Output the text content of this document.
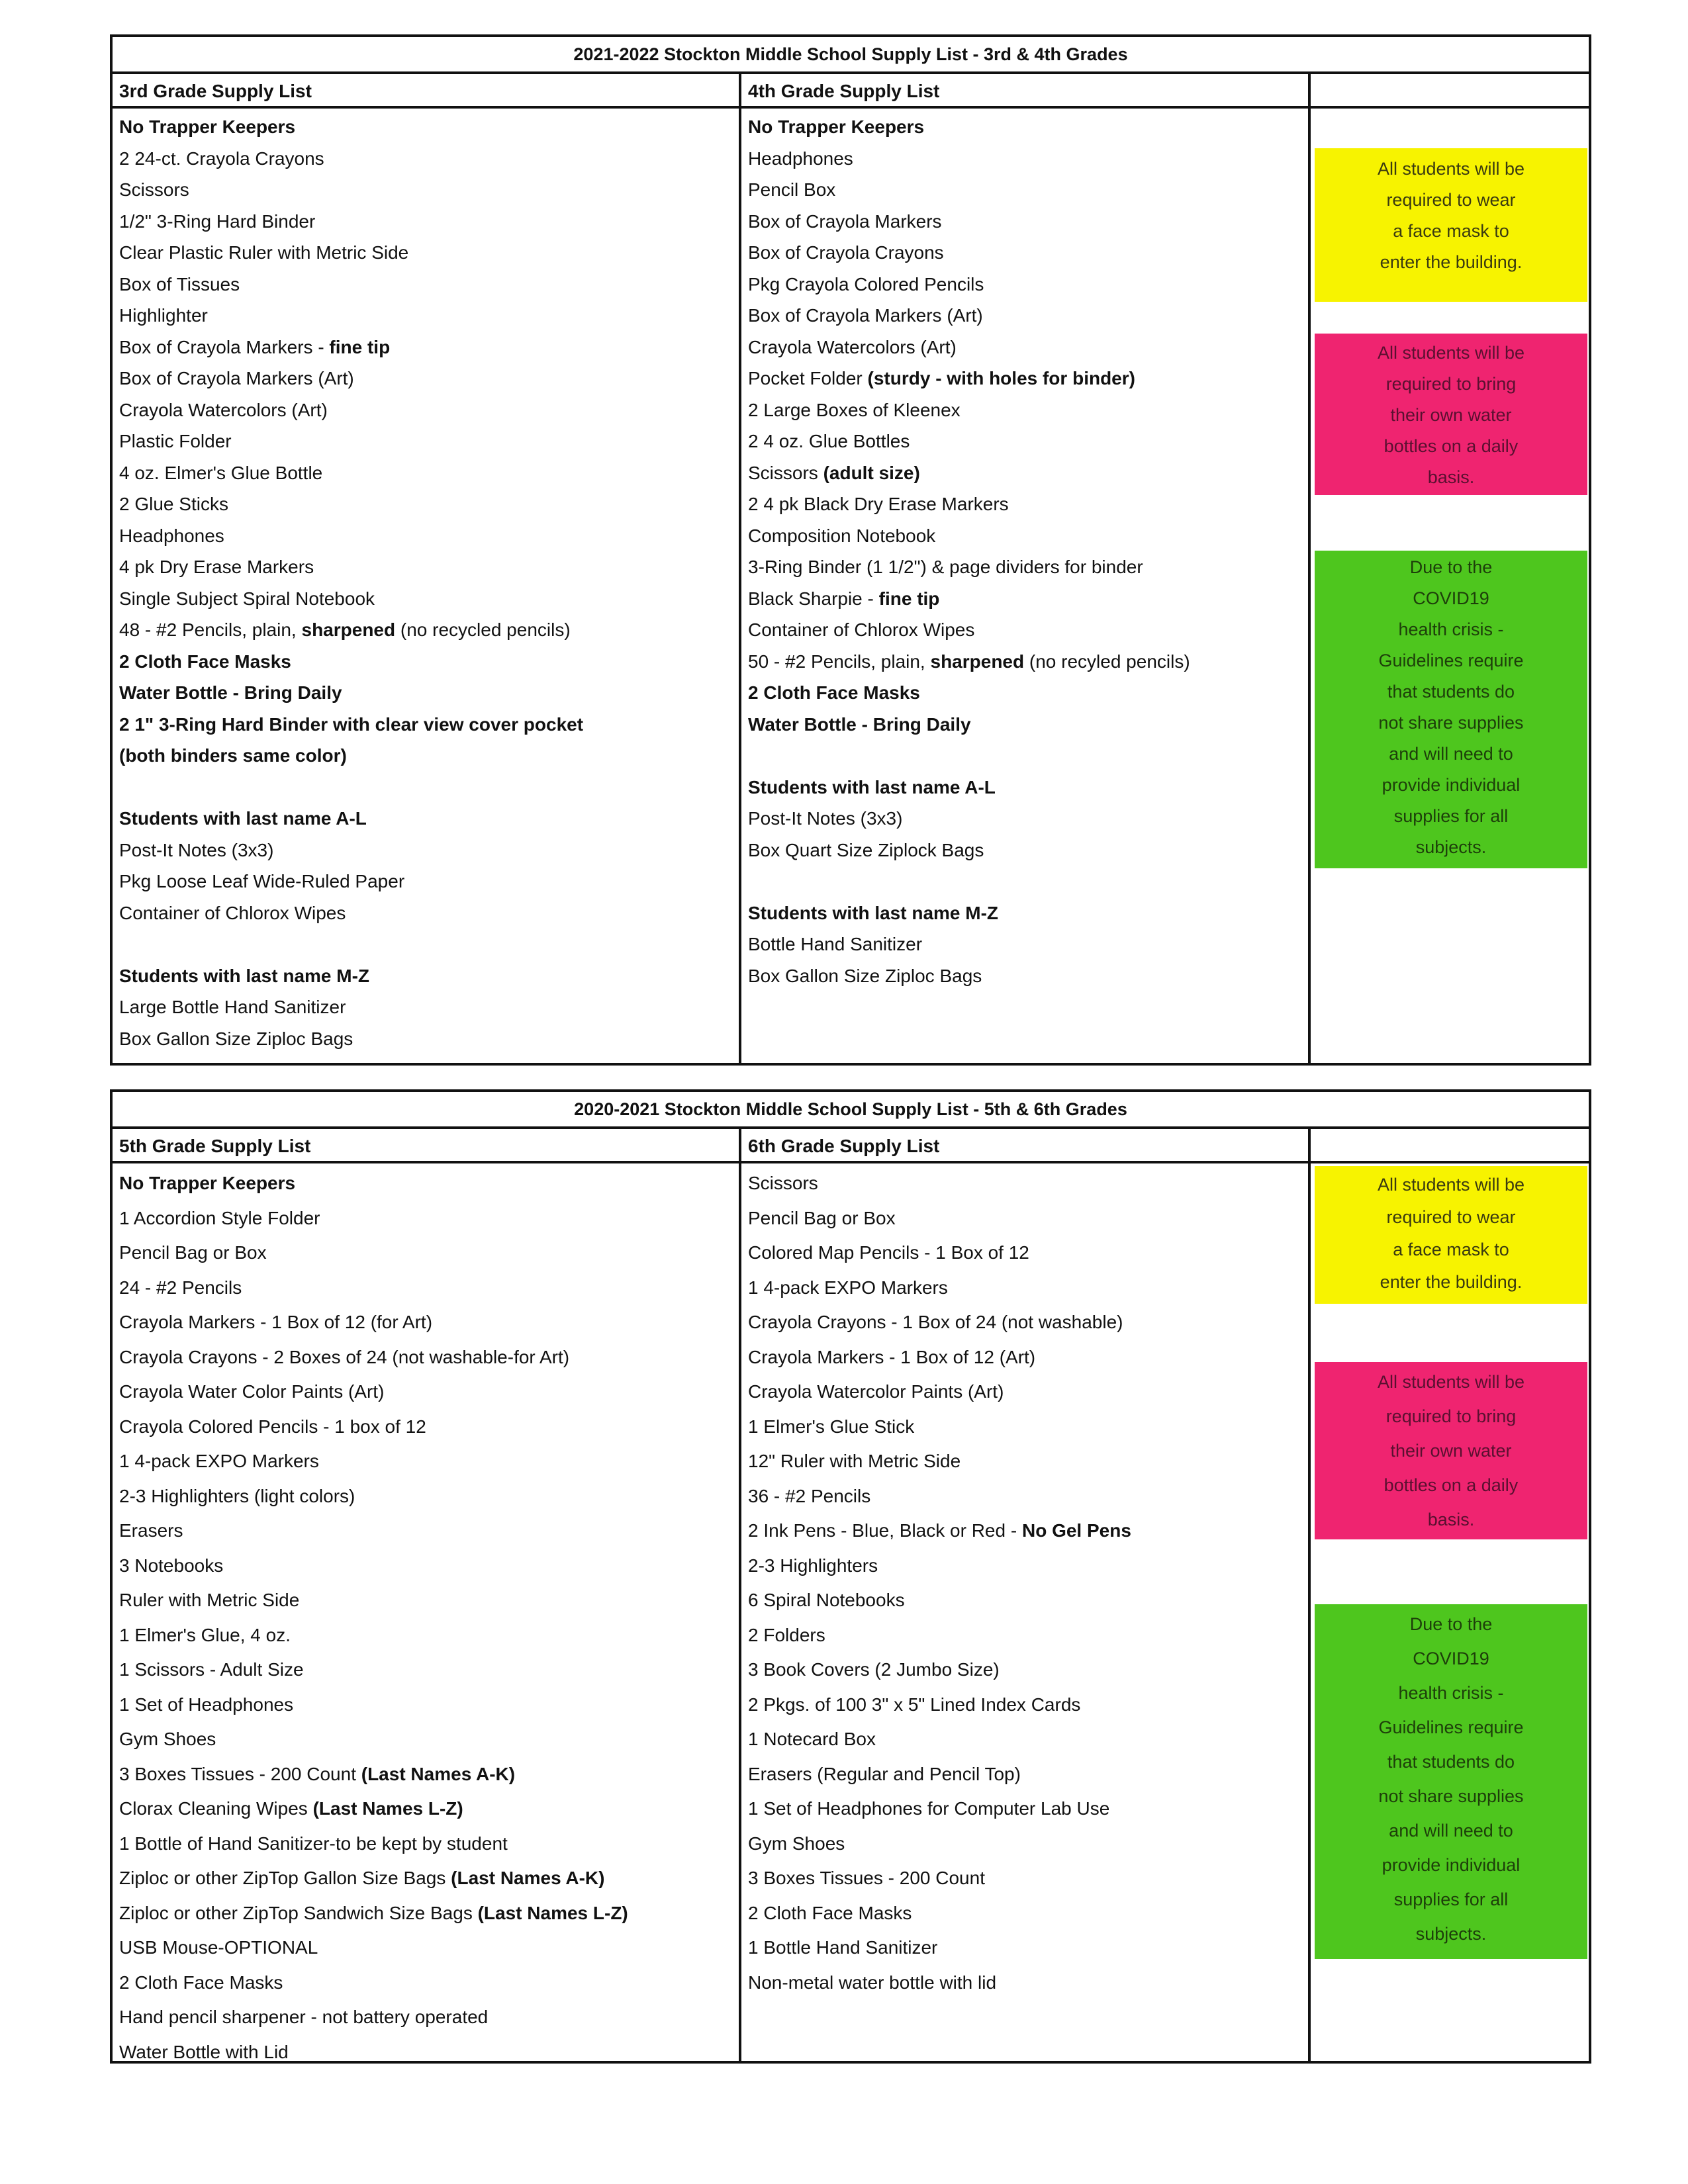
2021-2022 Stockton Middle School Supply List - 3rd & 4th Grades
3rd Grade Supply List
No Trapper Keepers
2 24-ct. Crayola Crayons
Scissors
1/2" 3-Ring Hard Binder
Clear Plastic Ruler with Metric Side
Box of Tissues
Highlighter
Box of Crayola Markers - fine tip
Box of Crayola Markers (Art)
Crayola Watercolors (Art)
Plastic Folder
4 oz. Elmer's Glue Bottle
2 Glue Sticks
Headphones
4 pk Dry Erase Markers
Single Subject Spiral Notebook
48 - #2 Pencils, plain, sharpened (no recycled pencils)
2 Cloth Face Masks
Water Bottle - Bring Daily
2 1" 3-Ring Hard Binder with clear view cover pocket
(both binders same color)
Students with last name A-L
Post-It Notes (3x3)
Pkg Loose Leaf Wide-Ruled Paper
Container of Chlorox Wipes
Students with last name M-Z
Large Bottle Hand Sanitizer
Box Gallon Size Ziploc Bags
4th Grade Supply List
No Trapper Keepers
Headphones
Pencil Box
Box of Crayola Markers
Box of Crayola Crayons
Pkg Crayola Colored Pencils
Box of Crayola Markers (Art)
Crayola Watercolors (Art)
Pocket Folder (sturdy - with holes for binder)
2 Large Boxes of Kleenex
2 4 oz. Glue Bottles
Scissors (adult size)
2 4 pk Black Dry Erase Markers
Composition Notebook
3-Ring Binder (1 1/2") & page dividers for binder
Black Sharpie - fine tip
Container of Chlorox Wipes
50 - #2 Pencils, plain, sharpened (no recyled pencils)
2 Cloth Face Masks
Water Bottle - Bring Daily
Students with last name A-L
Post-It Notes (3x3)
Box Quart Size Ziplock Bags
Students with last name M-Z
Bottle Hand Sanitizer
Box Gallon Size Ziploc Bags
All students will be
required to wear
a face mask to
enter the building.
All students will be
required to bring
their own water
bottles on a daily
basis.
Due to the
COVID19
health crisis -
Guidelines require
that students do
not share supplies
and will need to
provide individual
supplies for all
subjects.
2020-2021 Stockton Middle School Supply List - 5th & 6th Grades
5th Grade Supply List
No Trapper Keepers
1 Accordion Style Folder
Pencil Bag or Box
24 - #2 Pencils
Crayola Markers - 1 Box of 12 (for Art)
Crayola Crayons - 2 Boxes of 24 (not washable-for Art)
Crayola Water Color Paints (Art)
Crayola Colored Pencils - 1 box of 12
1 4-pack EXPO Markers
2-3 Highlighters (light colors)
Erasers
3 Notebooks
Ruler with Metric Side
1 Elmer's Glue, 4 oz.
1 Scissors - Adult Size
1 Set of Headphones
Gym Shoes
3 Boxes Tissues - 200 Count (Last Names A-K)
Clorax Cleaning Wipes (Last Names L-Z)
1 Bottle of Hand Sanitizer-to be kept by student
Ziploc or other ZipTop Gallon Size Bags (Last Names A-K)
Ziploc or other ZipTop Sandwich Size Bags (Last Names L-Z)
USB Mouse-OPTIONAL
2 Cloth Face Masks
Hand pencil sharpener - not battery operated
Water Bottle with Lid
6th Grade Supply List
Scissors
Pencil Bag or Box
Colored Map Pencils - 1 Box of 12
1 4-pack EXPO Markers
Crayola Crayons - 1 Box of 24 (not washable)
Crayola Markers - 1 Box of 12 (Art)
Crayola Watercolor Paints (Art)
1 Elmer's Glue Stick
12" Ruler with Metric Side
36 - #2 Pencils
2 Ink Pens - Blue, Black or Red - No Gel Pens
2-3 Highlighters
6 Spiral Notebooks
2 Folders
3 Book Covers (2 Jumbo Size)
2 Pkgs. of 100 3" x 5" Lined Index Cards
1 Notecard Box
Erasers (Regular and Pencil Top)
1 Set of Headphones for Computer Lab Use
Gym Shoes
3 Boxes Tissues - 200 Count
2 Cloth Face Masks
1 Bottle Hand Sanitizer
Non-metal water bottle with lid
All students will be
required to wear
a face mask to
enter the building.
All students will be
required to bring
their own water
bottles on a daily
basis.
Due to the
COVID19
health crisis -
Guidelines require
that students do
not share supplies
and will need to
provide individual
supplies for all
subjects.
